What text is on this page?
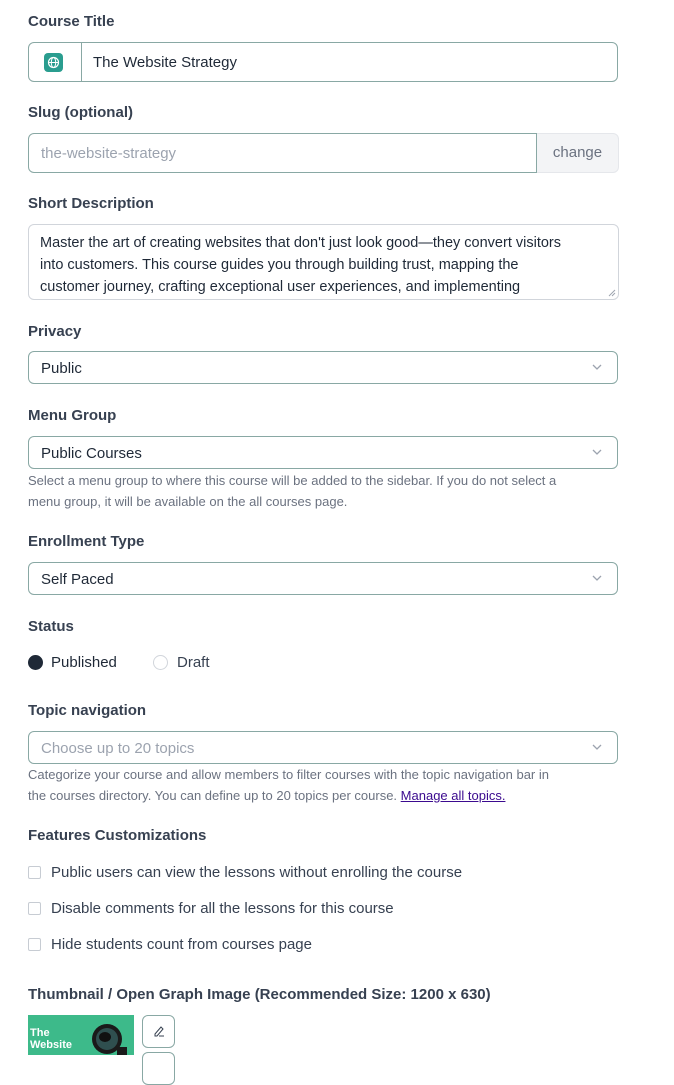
Course Title
The Website Strategy
Slug (optional)
the-website-strategy	change
Short Description
Master the art of creating websites that don't just look good—they convert visitors
into customers. This course guides you through building trust, mapping the
customer journey, crafting exceptional user experiences, and implementing
Privacy
Public
Menu Group
Public Courses
Select a menu group to where this course will be added to the sidebar. If you do not select a
menu group, it will be available on the all courses page.
Enrollment Type
Self Paced
Status
Published	Draft
Topic navigation
Choose up to 20 topics
Categorize your course and allow members to filter courses with the topic navigation bar in
the courses directory. You can define up to 20 topics per course. Manage all topics.
Features Customizations
Public users can view the lessons without enrolling the course
Disable comments for all the lessons for this course
Hide students count from courses page
Thumbnail / Open Graph Image (Recommended Size: 1200 x 630)
The
Website
